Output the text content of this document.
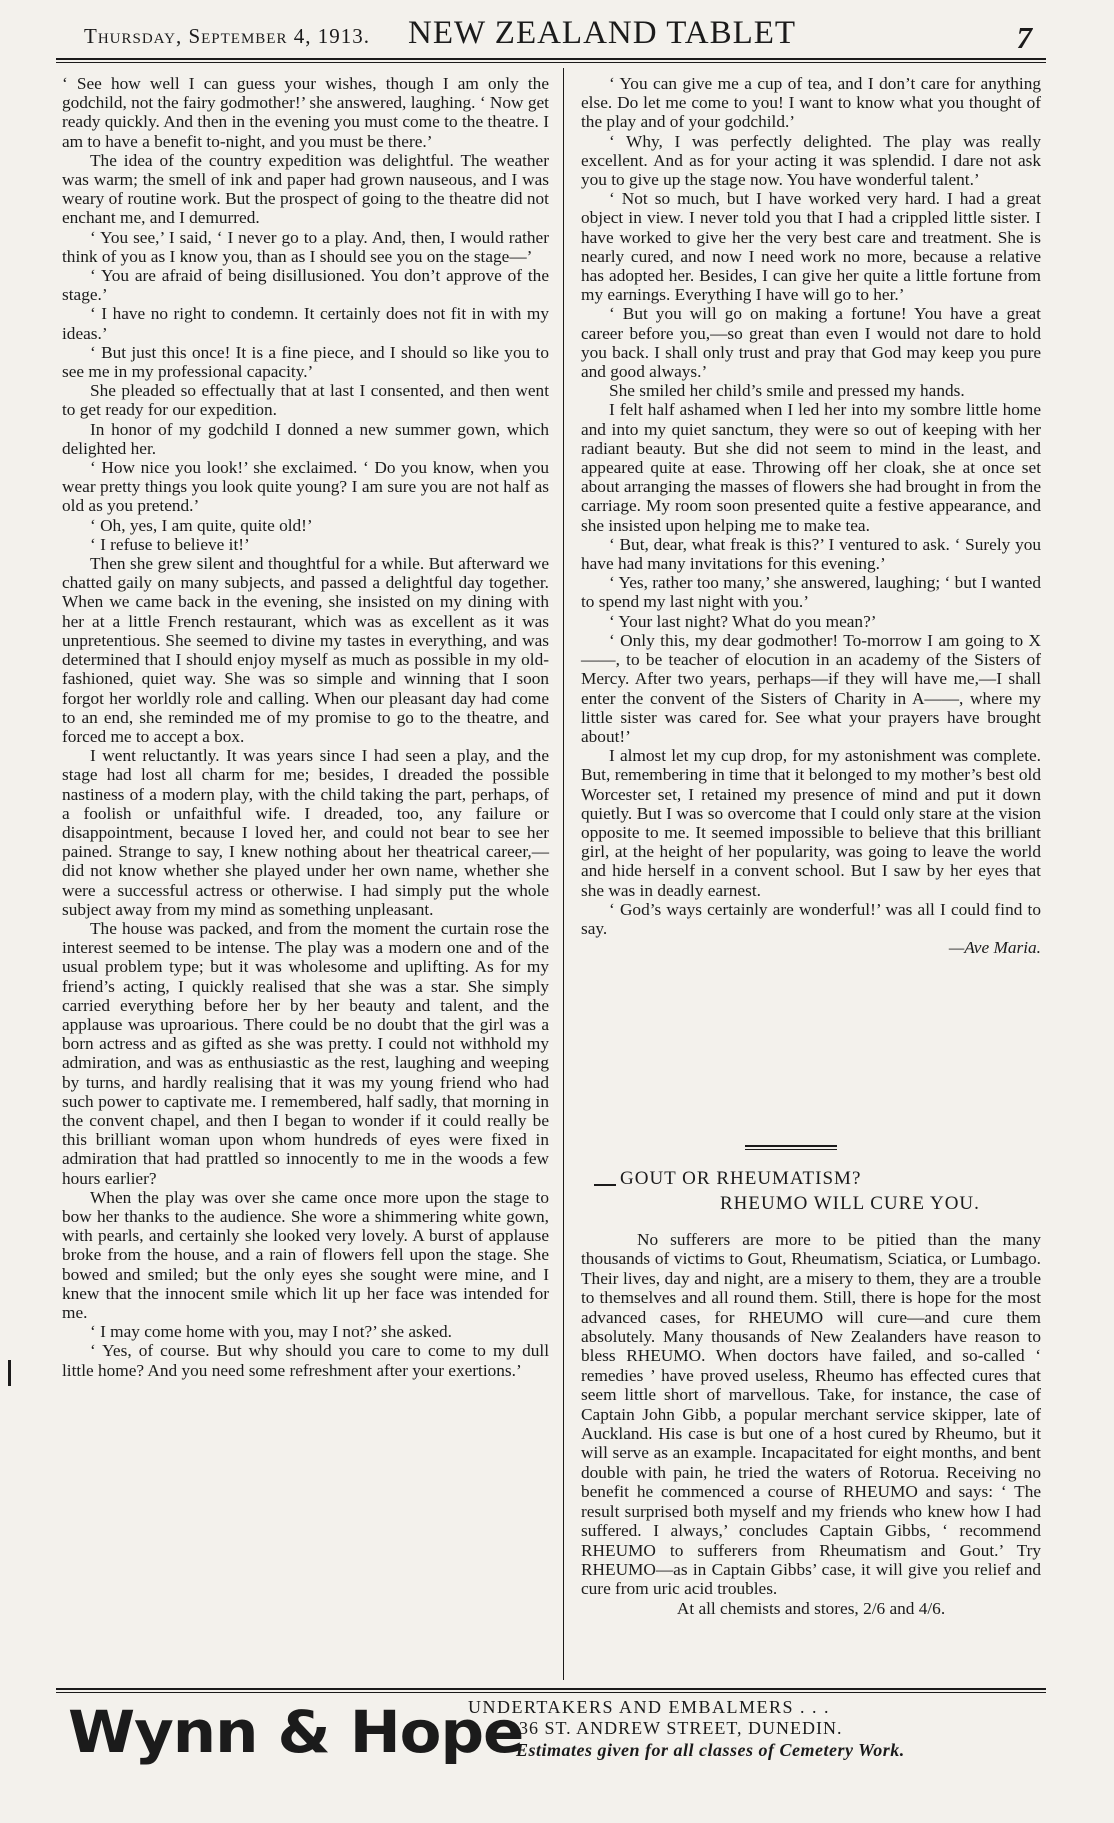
Thursday, September 4, 1913. NEW ZEALAND TABLET	7

‘ See how well I can guess your wishes, though I am only the godchild, not the fairy godmother!’ she answered, laughing. ‘ Now get ready quickly. And then in the evening you must come to the theatre. I am to have a benefit to-night, and you must be there.’

The idea of the country expedition was delightful. The weather was warm; the smell of ink and paper had grown nauseous, and I was weary of routine work. But the prospect of going to the theatre did not enchant me, and I demurred.

‘ You see,’ I said, ‘ I never go to a play. And, then, I would rather think of you as I know you, than as I should see you on the stage—’

‘ You are afraid of being disillusioned. You don’t approve of the stage.’

‘ I have no right to condemn. It certainly does not fit in with my ideas.’

‘ But just this once! It is a fine piece, and I should so like you to see me in my professional capacity.’

She pleaded so effectually that at last I consented, and then went to get ready for our expedition.

In honor of my godchild I donned a new summer gown, which delighted her.

‘ How nice you look!’ she exclaimed. ‘ Do you know, when you wear pretty things you look quite young? I am sure you are not half as old as you pretend.’

‘ Oh, yes, I am quite, quite old!’

‘ I refuse to believe it!’

Then she grew silent and thoughtful for a while. But afterward we chatted gaily on many subjects, and passed a delightful day together. When we came back in the evening, she insisted on my dining with her at a little French restaurant, which was as excellent as it was unpretentious. She seemed to divine my tastes in everything, and was determined that I should enjoy myself as much as possible in my old-fashioned, quiet way. She was so simple and winning that I soon forgot her worldly role and calling. When our pleasant day had come to an end, she reminded me of my promise to go to the theatre, and forced me to accept a box.

I went reluctantly. It was years since I had seen a play, and the stage had lost all charm for me; besides, I dreaded the possible nastiness of a modern play, with the child taking the part, perhaps, of a foolish or unfaithful wife. I dreaded, too, any failure or disappointment, because I loved her, and could not bear to see her pained. Strange to say, I knew nothing about her theatrical career,—did not know whether she played under her own name, whether she were a successful actress or otherwise. I had simply put the whole subject away from my mind as something unpleasant.

The house was packed, and from the moment the curtain rose the interest seemed to be intense. The play was a modern one and of the usual problem type; but it was wholesome and uplifting. As for my friend’s acting, I quickly realised that she was a star. She simply carried everything before her by her beauty and talent, and the applause was uproarious. There could be no doubt that the girl was a born actress and as gifted as she was pretty. I could not withhold my admiration, and was as enthusiastic as the rest, laughing and weeping by turns, and hardly realising that it was my young friend who had such power to captivate me. I remembered, half sadly, that morning in the convent chapel, and then I began to wonder if it could really be this brilliant woman upon whom hundreds of eyes were fixed in admiration that had prattled so innocently to me in the woods a few hours earlier?

When the play was over she came once more upon the stage to bow her thanks to the audience. She wore a shimmering white gown, with pearls, and certainly she looked very lovely. A burst of applause broke from the house, and a rain of flowers fell upon the stage. She bowed and smiled; but the only eyes she sought were mine, and I knew that the innocent smile which lit up her face was intended for me.

‘ I may come home with you, may I not?’ she asked.

‘ Yes, of course. But why should you care to come to my dull little home? And you need some refreshment after your exertions.’

‘ You can give me a cup of tea, and I don’t care for anything else. Do let me come to you! I want to know what you thought of the play and of your godchild.’

‘ Why, I was perfectly delighted. The play was really excellent. And as for your acting it was splendid. I dare not ask you to give up the stage now. You have wonderful talent.’

‘ Not so much, but I have worked very hard. I had a great object in view. I never told you that I had a crippled little sister. I have worked to give her the very best care and treatment. She is nearly cured, and now I need work no more, because a relative has adopted her. Besides, I can give her quite a little fortune from my earnings. Everything I have will go to her.’

‘ But you will go on making a fortune! You have a great career before you,—so great than even I would not dare to hold you back. I shall only trust and pray that God may keep you pure and good always.’

She smiled her child’s smile and pressed my hands.

I felt half ashamed when I led her into my sombre little home and into my quiet sanctum, they were so out of keeping with her radiant beauty. But she did not seem to mind in the least, and appeared quite at ease. Throwing off her cloak, she at once set about arranging the masses of flowers she had brought in from the carriage. My room soon presented quite a festive appearance, and she insisted upon helping me to make tea.

‘ But, dear, what freak is this?’ I ventured to ask. ‘ Surely you have had many invitations for this evening.’

‘ Yes, rather too many,’ she answered, laughing; ‘ but I wanted to spend my last night with you.’

‘ Your last night? What do you mean?’

‘ Only this, my dear godmother! To-morrow I am going to X——, to be teacher of elocution in an academy of the Sisters of Mercy. After two years, perhaps—if they will have me,—I shall enter the convent of the Sisters of Charity in A——, where my little sister was cared for. See what your prayers have brought about!’

I almost let my cup drop, for my astonishment was complete. But, remembering in time that it belonged to my mother’s best old Worcester set, I retained my presence of mind and put it down quietly. But I was so overcome that I could only stare at the vision opposite to me. It seemed impossible to believe that this brilliant girl, at the height of her popularity, was going to leave the world and hide herself in a convent school. But I saw by her eyes that she was in deadly earnest.

‘ God’s ways certainly are wonderful!’ was all I could find to say.

—Ave Maria.

GOUT OR RHEUMATISM?
RHEUMO WILL CURE YOU.

No sufferers are more to be pitied than the many thousands of victims to Gout, Rheumatism, Sciatica, or Lumbago. Their lives, day and night, are a misery to them, they are a trouble to themselves and all round them. Still, there is hope for the most advanced cases, for RHEUMO will cure—and cure them absolutely. Many thousands of New Zealanders have reason to bless RHEUMO. When doctors have failed, and so-called ‘ remedies ’ have proved useless, Rheumo has effected cures that seem little short of marvellous. Take, for instance, the case of Captain John Gibb, a popular merchant service skipper, late of Auckland. His case is but one of a host cured by Rheumo, but it will serve as an example. Incapacitated for eight months, and bent double with pain, he tried the waters of Rotorua. Receiving no benefit he commenced a course of RHEUMO and says: ‘ The result surprised both myself and my friends who knew how I had suffered. I always,’ concludes Captain Gibbs, ‘ recommend RHEUMO to sufferers from Rheumatism and Gout.’ Try RHEUMO—as in Captain Gibbs’ case, it will give you relief and cure from uric acid troubles.

At all chemists and stores, 2/6 and 4/6.

Wynn & Hope
UNDERTAKERS AND EMBALMERS . . .
36 ST. ANDREW STREET, DUNEDIN.
Estimates given for all classes of Cemetery Work.
